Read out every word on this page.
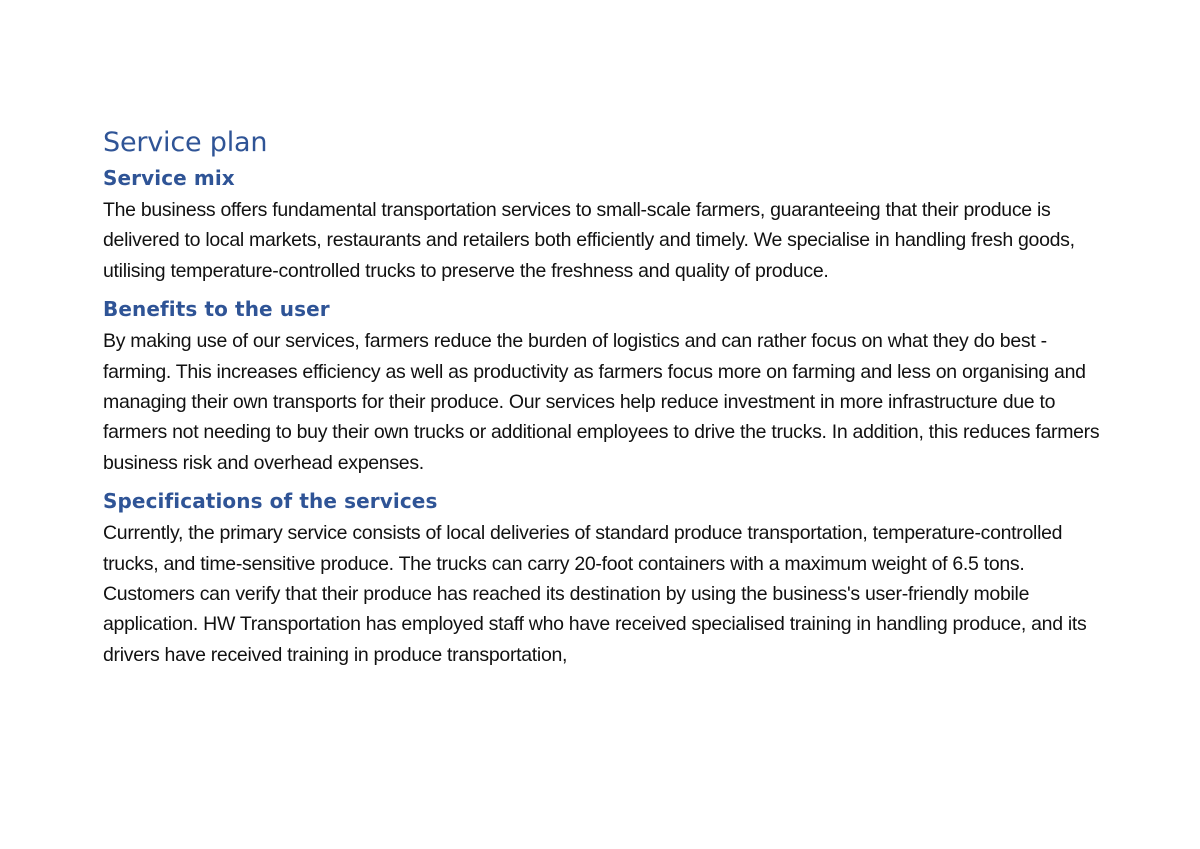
Service plan
Service mix

The business offers fundamental transportation services to small-scale farmers, guaranteeing that their produce is delivered to local markets, restaurants and retailers both efficiently and timely. We specialise in handling fresh goods, utilising temperature-controlled trucks to preserve the freshness and quality of produce.

Benefits to the user

By making use of our services, farmers reduce the burden of logistics and can rather focus on what they do best - farming. This increases efficiency as well as productivity as farmers focus more on farming and less on organising and managing their own transports for their produce. Our services help reduce investment in more infrastructure due to farmers not needing to buy their own trucks or additional employees to drive the trucks. In addition, this reduces farmers business risk and overhead expenses.

Specifications of the services

Currently, the primary service consists of local deliveries of standard produce transportation, temperature-controlled trucks, and time-sensitive produce. The trucks can carry 20-foot containers with a maximum weight of 6.5 tons. Customers can verify that their produce has reached its destination by using the business's user-friendly mobile application. HW Transportation has employed staff who have received specialised training in handling produce, and its drivers have received training in produce transportation,
